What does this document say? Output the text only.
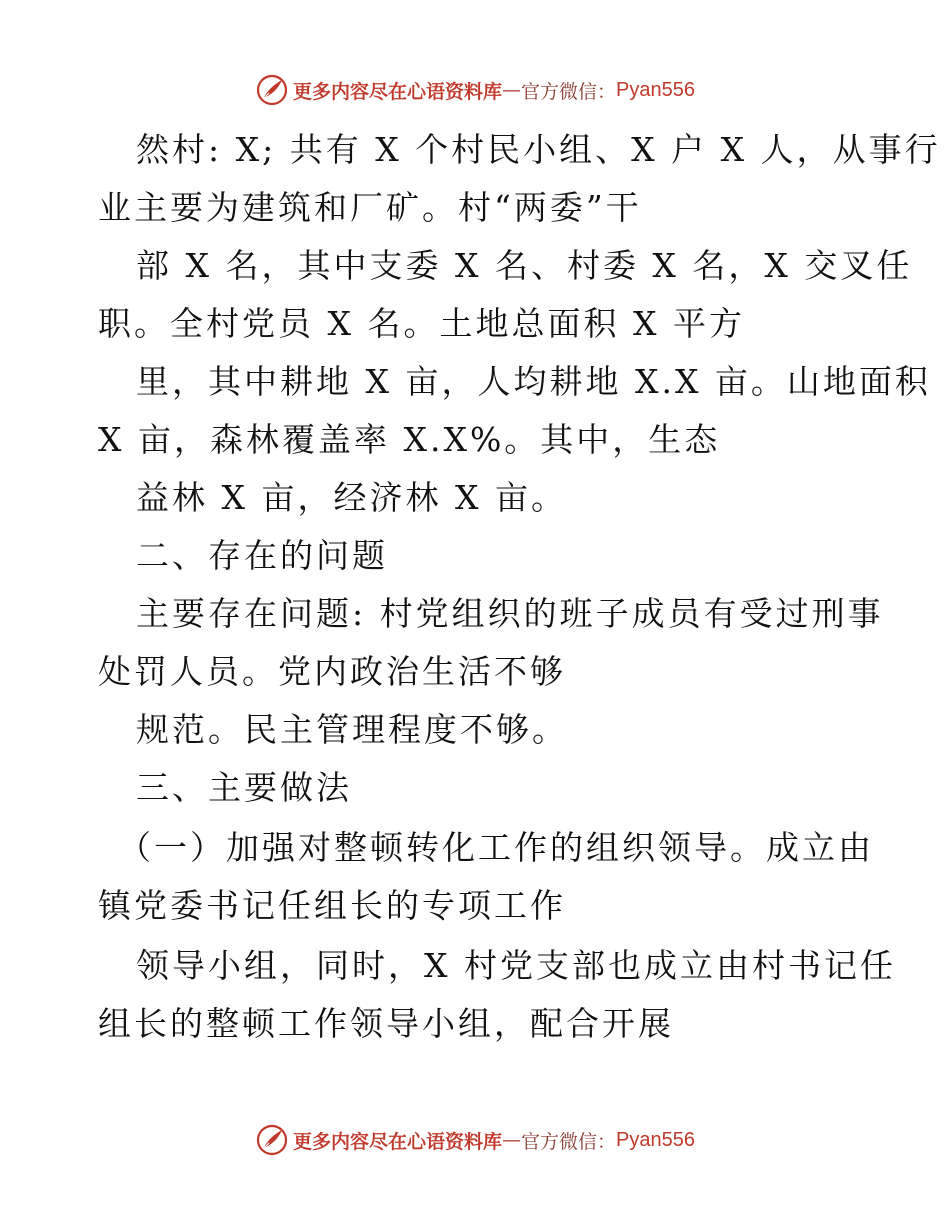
更多内容尽在心语资料库 — 官方微信： Pyan556
然村: X; 共有 X 个村民小组、X 户 X 人，从事行
业主要为建筑和厂矿。村“两委”干
部 X 名，其中支委 X 名、村委 X 名，X 交叉任
职。全村党员 X 名。土地总面积 X 平方
里，其中耕地 X 亩，人均耕地 X.X 亩。山地面积
X 亩，森林覆盖率 X.X%。其中，生态
益林 X 亩，经济林 X 亩。
二、存在的问题
主要存在问题: 村党组织的班子成员有受过刑事
处罚人员。党内政治生活不够
规范。民主管理程度不够。
三、主要做法
（一）加强对整顿转化工作的组织领导。成立由
镇党委书记任组长的专项工作
领导小组，同时，X 村党支部也成立由村书记任
组长的整顿工作领导小组，配合开展
更多内容尽在心语资料库 — 官方微信： Pyan556
